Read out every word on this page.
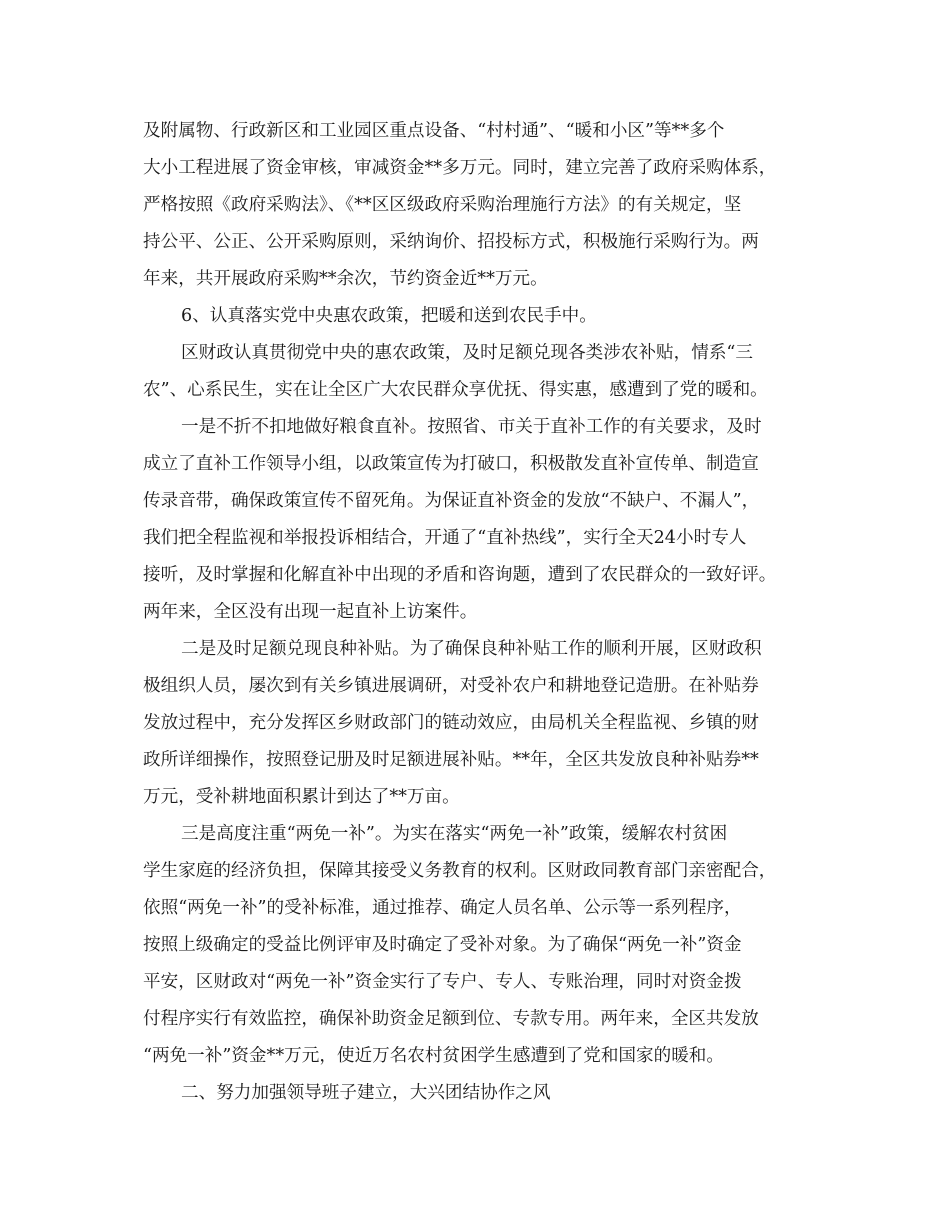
及附属物、行政新区和工业园区重点设备、“村村通”、“暖和小区”等**多个
大小工程进展了资金审核，审减资金**多万元。同时，建立完善了政府采购体系，
严格按照《政府采购法》、《**区区级政府采购治理施行方法》的有关规定，坚
持公平、公正、公开采购原则，采纳询价、招投标方式，积极施行采购行为。两
年来，共开展政府采购**余次，节约资金近**万元。
6、认真落实党中央惠农政策，把暖和送到农民手中。
区财政认真贯彻党中央的惠农政策，及时足额兑现各类涉农补贴，情系“三
农”、心系民生，实在让全区广大农民群众享优抚、得实惠，感遭到了党的暖和。
一是不折不扣地做好粮食直补。按照省、市关于直补工作的有关要求，及时
成立了直补工作领导小组，以政策宣传为打破口，积极散发直补宣传单、制造宣
传录音带，确保政策宣传不留死角。为保证直补资金的发放“不缺户、不漏人”，
我们把全程监视和举报投诉相结合，开通了“直补热线”，实行全天24小时专人
接听，及时掌握和化解直补中出现的矛盾和咨询题，遭到了农民群众的一致好评。
两年来，全区没有出现一起直补上访案件。
二是及时足额兑现良种补贴。为了确保良种补贴工作的顺利开展，区财政积
极组织人员，屡次到有关乡镇进展调研，对受补农户和耕地登记造册。在补贴券
发放过程中，充分发挥区乡财政部门的链动效应，由局机关全程监视、乡镇的财
政所详细操作，按照登记册及时足额进展补贴。**年，全区共发放良种补贴券**
万元，受补耕地面积累计到达了**万亩。
三是高度注重“两免一补”。为实在落实“两免一补”政策，缓解农村贫困
学生家庭的经济负担，保障其接受义务教育的权利。区财政同教育部门亲密配合，
依照“两免一补”的受补标准，通过推荐、确定人员名单、公示等一系列程序，
按照上级确定的受益比例评审及时确定了受补对象。为了确保“两免一补”资金
平安，区财政对“两免一补”资金实行了专户、专人、专账治理，同时对资金拨
付程序实行有效监控，确保补助资金足额到位、专款专用。两年来，全区共发放
“两免一补”资金**万元，使近万名农村贫困学生感遭到了党和国家的暖和。
二、努力加强领导班子建立，大兴团结协作之风
